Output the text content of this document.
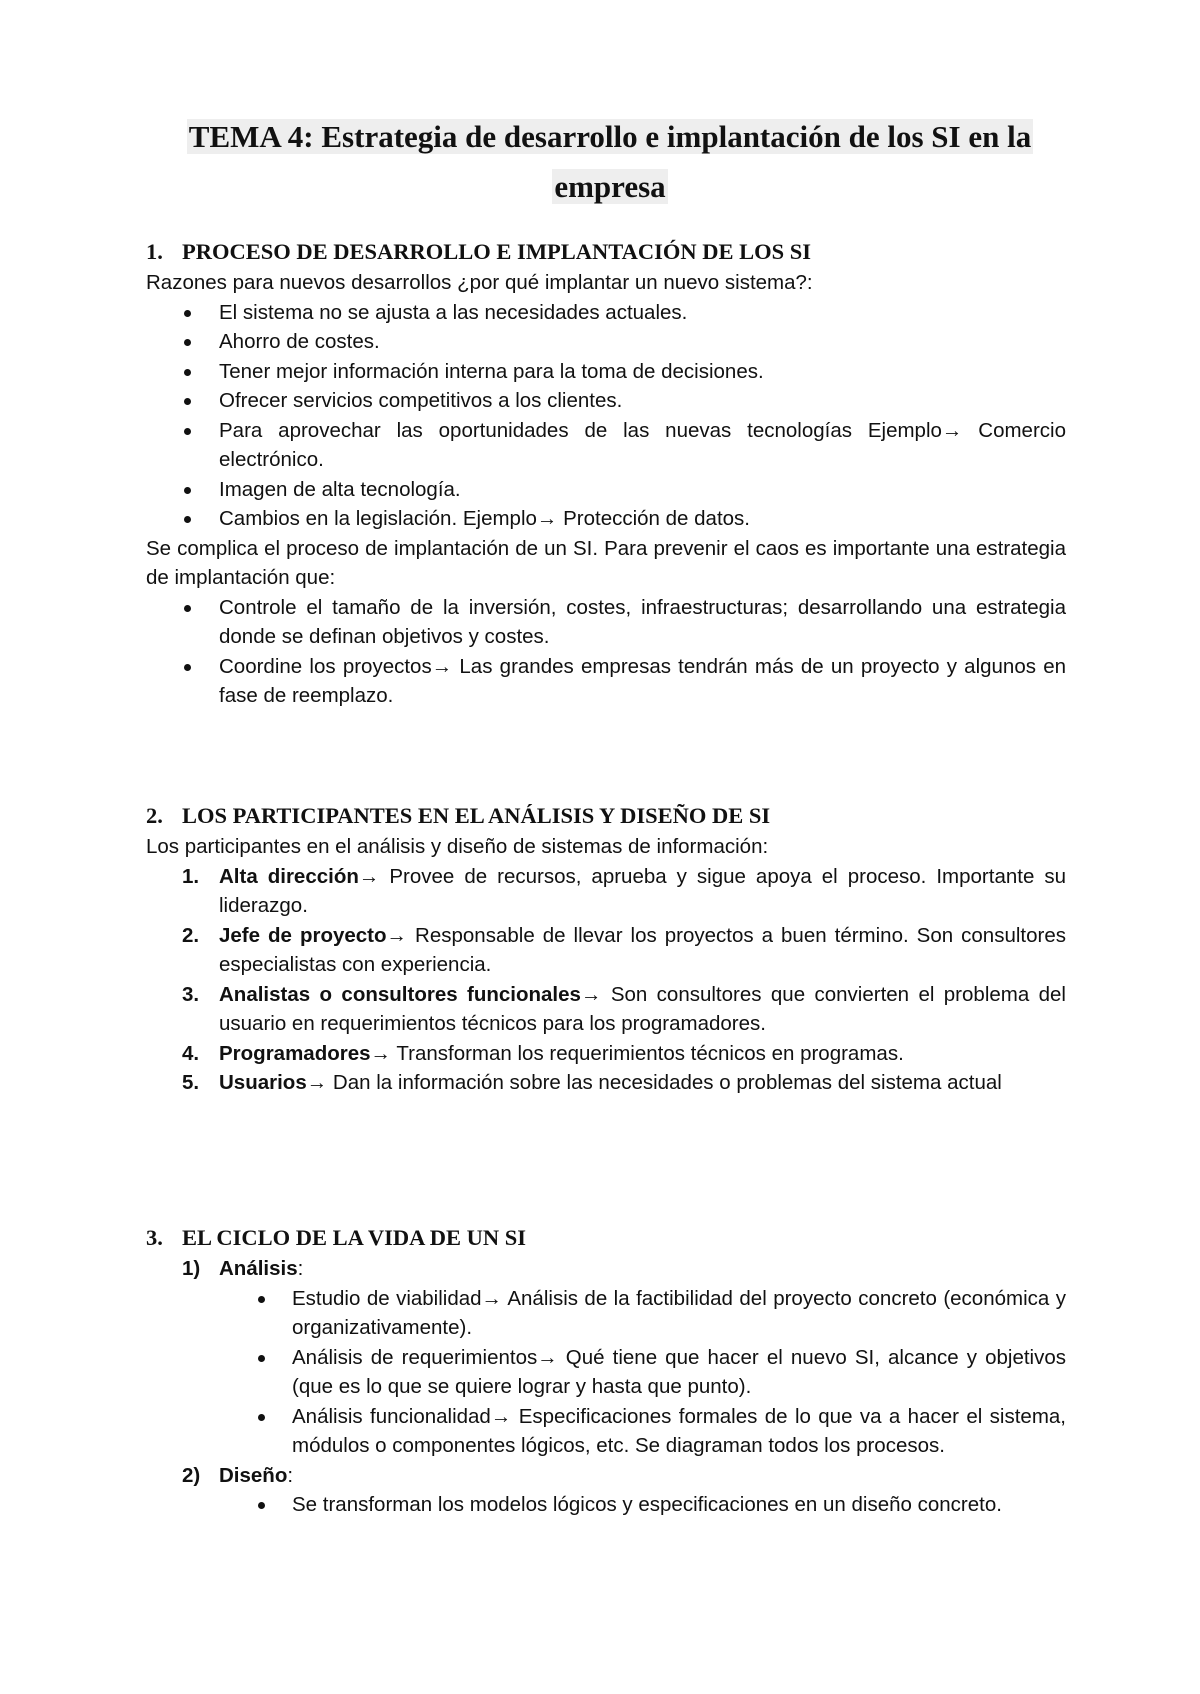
TEMA 4: Estrategia de desarrollo e implantación de los SI en la
empresa
1. PROCESO DE DESARROLLO E IMPLANTACIÓN DE LOS SI

Razones para nuevos desarrollos ¿por qué implantar un nuevo sistema?:

El sistema no se ajusta a las necesidades actuales.
Ahorro de costes.
Tener mejor información interna para la toma de decisiones.
Ofrecer servicios competitivos a los clientes.
Para aprovechar las oportunidades de las nuevas tecnologías Ejemplo→ Comercio electrónico.
Imagen de alta tecnología.
Cambios en la legislación. Ejemplo→ Protección de datos.

Se complica el proceso de implantación de un SI. Para prevenir el caos es importante una estrategia de implantación que:

Controle el tamaño de la inversión, costes, infraestructuras; desarrollando una estrategia donde se definan objetivos y costes.
Coordine los proyectos→ Las grandes empresas tendrán más de un proyecto y algunos en fase de reemplazo.
2. LOS PARTICIPANTES EN EL ANÁLISIS Y DISEÑO DE SI

Los participantes en el análisis y diseño de sistemas de información:

1. Alta dirección→ Provee de recursos, aprueba y sigue apoya el proceso. Importante su liderazgo.
2. Jefe de proyecto→ Responsable de llevar los proyectos a buen término. Son consultores especialistas con experiencia.
3. Analistas o consultores funcionales→ Son consultores que convierten el problema del usuario en requerimientos técnicos para los programadores.
4. Programadores→ Transforman los requerimientos técnicos en programas.
5. Usuarios→ Dan la información sobre las necesidades o problemas del sistema actual
3. EL CICLO DE LA VIDA DE UN SI
1) Análisis:
Estudio de viabilidad→ Análisis de la factibilidad del proyecto concreto (económica y organizativamente).
Análisis de requerimientos→ Qué tiene que hacer el nuevo SI, alcance y objetivos (que es lo que se quiere lograr y hasta que punto).
Análisis funcionalidad→ Especificaciones formales de lo que va a hacer el sistema, módulos o componentes lógicos, etc. Se diagraman todos los procesos.
2) Diseño:
Se transforman los modelos lógicos y especificaciones en un diseño concreto.
